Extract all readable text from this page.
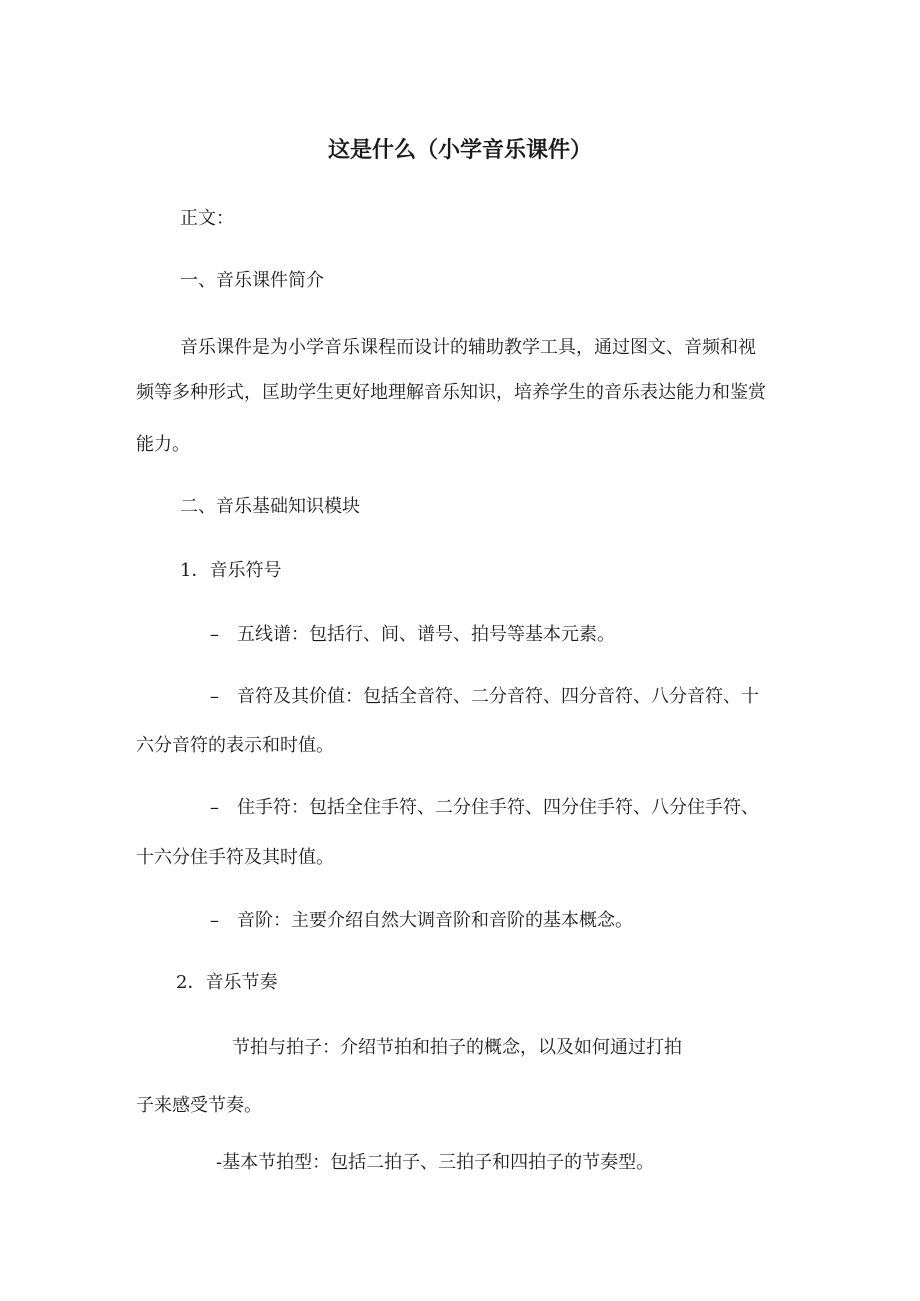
这是什么（小学音乐课件）

正文：

一、音乐课件简介

音乐课件是为小学音乐课程而设计的辅助教学工具，通过图文、音频和视

频等多种形式，匡助学生更好地理解音乐知识，培养学生的音乐表达能力和鉴赏

能力。

二、音乐基础知识模块

1．音乐符号

–　五线谱：包括行、间、谱号、拍号等基本元素。

–　音符及其价值：包括全音符、二分音符、四分音符、八分音符、十

六分音符的表示和时值。

–　住手符：包括全住手符、二分住手符、四分住手符、八分住手符、

十六分住手符及其时值。

–　音阶：主要介绍自然大调音阶和音阶的基本概念。

2．音乐节奏

节拍与拍子：介绍节拍和拍子的概念，以及如何通过打拍

子来感受节奏。

-基本节拍型：包括二拍子、三拍子和四拍子的节奏型。
